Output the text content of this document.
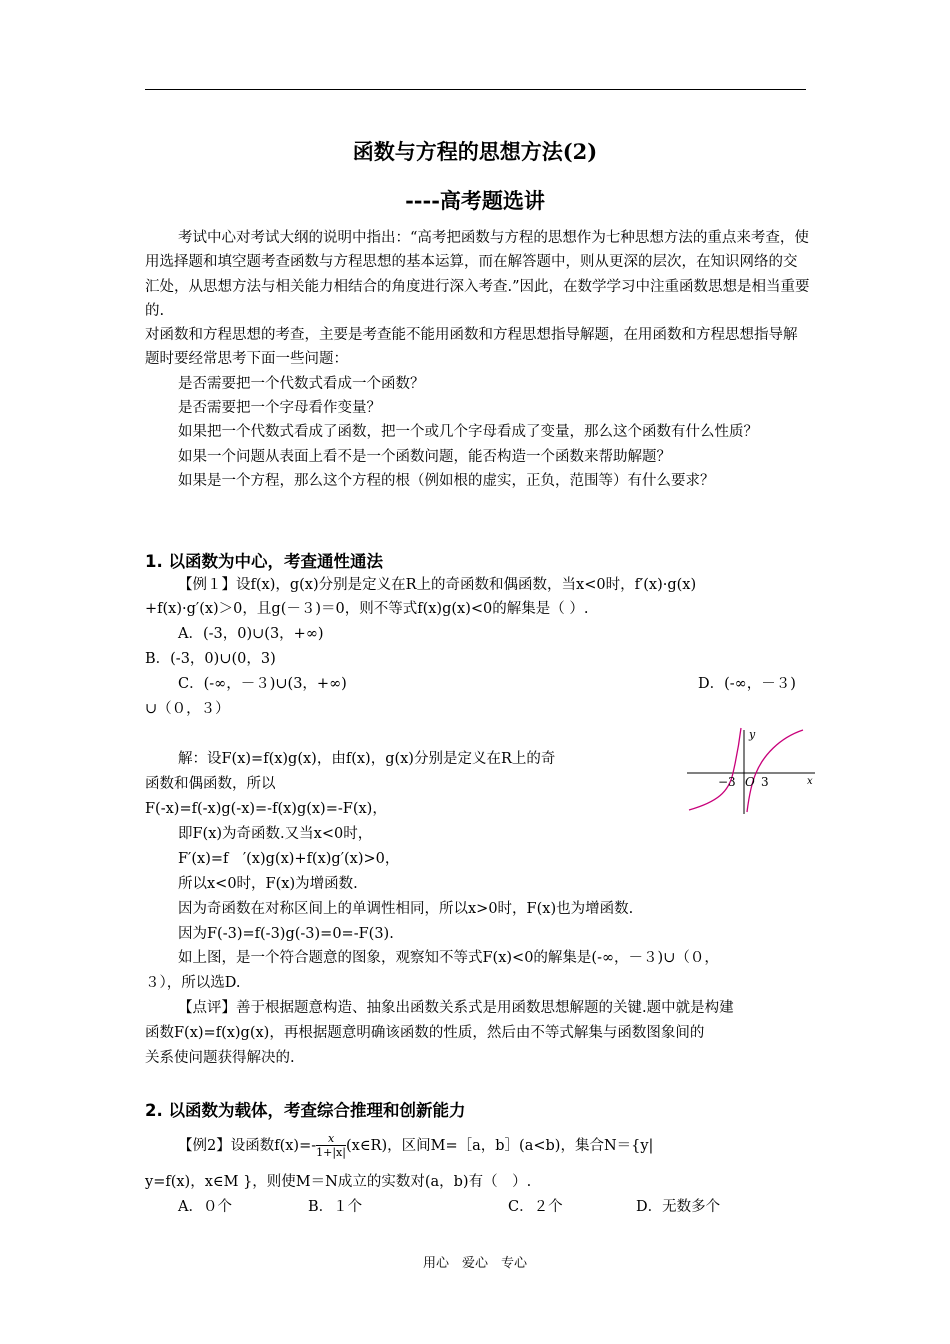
函数与方程的思想方法(2)
----高考题选讲

考试中心对考试大纲的说明中指出：“高考把函数与方程的思想作为七种思想方法的重点来考查，使用选择题和填空题考查函数与方程思想的基本运算，而在解答题中，则从更深的层次，在知识网络的交汇处，从思想方法与相关能力相结合的角度进行深入考查.”因此，在数学学习中注重函数思想是相当重要的.

对函数和方程思想的考查，主要是考查能不能用函数和方程思想指导解题，在用函数和方程思想指导解题时要经常思考下面一些问题：

是否需要把一个代数式看成一个函数？

是否需要把一个字母看作变量？

如果把一个代数式看成了函数，把一个或几个字母看成了变量，那么这个函数有什么性质？

如果一个问题从表面上看不是一个函数问题，能否构造一个函数来帮助解题？

如果是一个方程，那么这个方程的根（例如根的虚实，正负，范围等）有什么要求？

1. 以函数为中心，考查通性通法
【例１】设f(x)，g(x)分别是定义在R上的奇函数和偶函数，当x<0时，f′(x)·g(x)
+f(x)·g′(x)＞0，且g(－３)＝0，则不等式f(x)g(x)<0的解集是（ ）.
A．(-3，0)∪(3，+∞)
B．(-3，0)∪(0，3)
C．(-∞，－３)∪(3，+∞)	D．(-∞，－３)
∪（０，３）
y
x
−3 O 3
解：设F(x)=f(x)g(x)，由f(x)，g(x)分别是定义在R上的奇
函数和偶函数，所以
F(-x)=f(-x)g(-x)=-f(x)g(x)=-F(x)，
即F(x)为奇函数.又当x<0时，
F′(x)=f　′(x)g(x)+f(x)g′(x)>0，
所以x<0时，F(x)为增函数.
因为奇函数在对称区间上的单调性相同，所以x>0时，F(x)也为增函数.
因为F(-3)=f(-3)g(-3)=0=-F(3).
如上图，是一个符合题意的图象，观察知不等式F(x)<0的解集是(-∞，－３)∪（０，
３），所以选D.
【点评】善于根据题意构造、抽象出函数关系式是用函数思想解题的关键.题中就是构建
函数F(x)=f(x)g(x)，再根据题意明确该函数的性质，然后由不等式解集与函数图象间的
关系使问题获得解决的.
2. 以函数为载体，考查综合推理和创新能力
【例2】设函数$f(x)=- \frac{x}{1+|x|}$ (x∈R)，区间M=［a，b］(a<b)，集合N＝{y|
y=f(x)，x∈M }，则使M＝N成立的实数对(a，b)有（　）.
A．０个	B．１个	C．２个	D．无数多个
用心　爱心　专心
